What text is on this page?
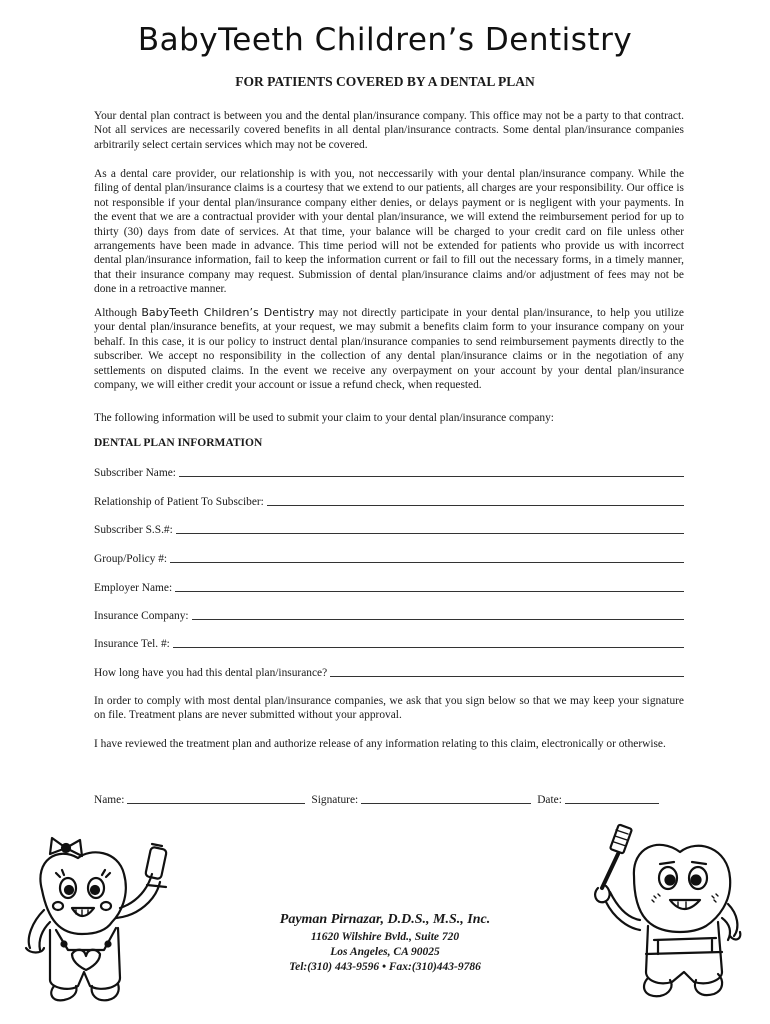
BabyTeeth Children’s Dentistry
FOR PATIENTS COVERED BY A DENTAL PLAN

Your dental plan contract is between you and the dental plan/insurance company. This office may not be a party to that contract. Not all services are necessarily covered benefits in all dental plan/insurance contracts. Some dental plan/insurance companies arbitrarily select certain services which may not be covered.

As a dental care provider, our relationship is with you, not neccessarily with your dental plan/insurance company. While the filing of dental plan/insurance claims is a courtesy that we extend to our patients, all charges are your responsibility. Our office is not responsible if your dental plan/insurance company either denies, or delays payment or is negligent with your payments. In the event that we are a contractual provider with your dental plan/insurance, we will extend the reimbursement period for up to thirty (30) days from date of services. At that time, your balance will be charged to your credit card on file unless other arrangements have been made in advance. This time period will not be extended for patients who provide us with incorrect dental plan/insurance information, fail to keep the information current or fail to fill out the necessary forms, in a timely manner, that their insurance company may request. Submission of dental plan/insurance claims and/or adjustment of fees may not be done in a retroactive manner.

Although BabyTeeth Children’s Dentistry may not directly participate in your dental plan/insurance, to help you utilize your dental plan/insurance benefits, at your request, we may submit a benefits claim form to your insurance company on your behalf. In this case, it is our policy to instruct dental plan/insurance companies to send reimbursement payments directly to the subscriber. We accept no responsibility in the collection of any dental plan/insurance claims or in the negotiation of any settlements on disputed claims. In the event we receive any overpayment on your account by your dental plan/insurance company, we will either credit your account or issue a refund check, when requested.

The following information will be used to submit your claim to your dental plan/insurance company:

DENTAL PLAN INFORMATION
Subscriber Name:
Relationship of Patient To Subsciber:
Subscriber S.S.#:
Group/Policy #:
Employer Name:
Insurance Company:
Insurance Tel. #:
How long have you had this dental plan/insurance?

In order to comply with most dental plan/insurance companies, we ask that you sign below so that we may keep your signature on file. Treatment plans are never submitted without your approval.

I have reviewed the treatment plan and authorize release of any information relating to this claim, electronically or otherwise.

Name:	Signature:	Date:
Payman Pirnazar, D.D.S., M.S., Inc.
11620 Wilshire Bvld., Suite 720
Los Angeles, CA 90025
Tel:(310) 443-9596 • Fax:(310)443-9786
